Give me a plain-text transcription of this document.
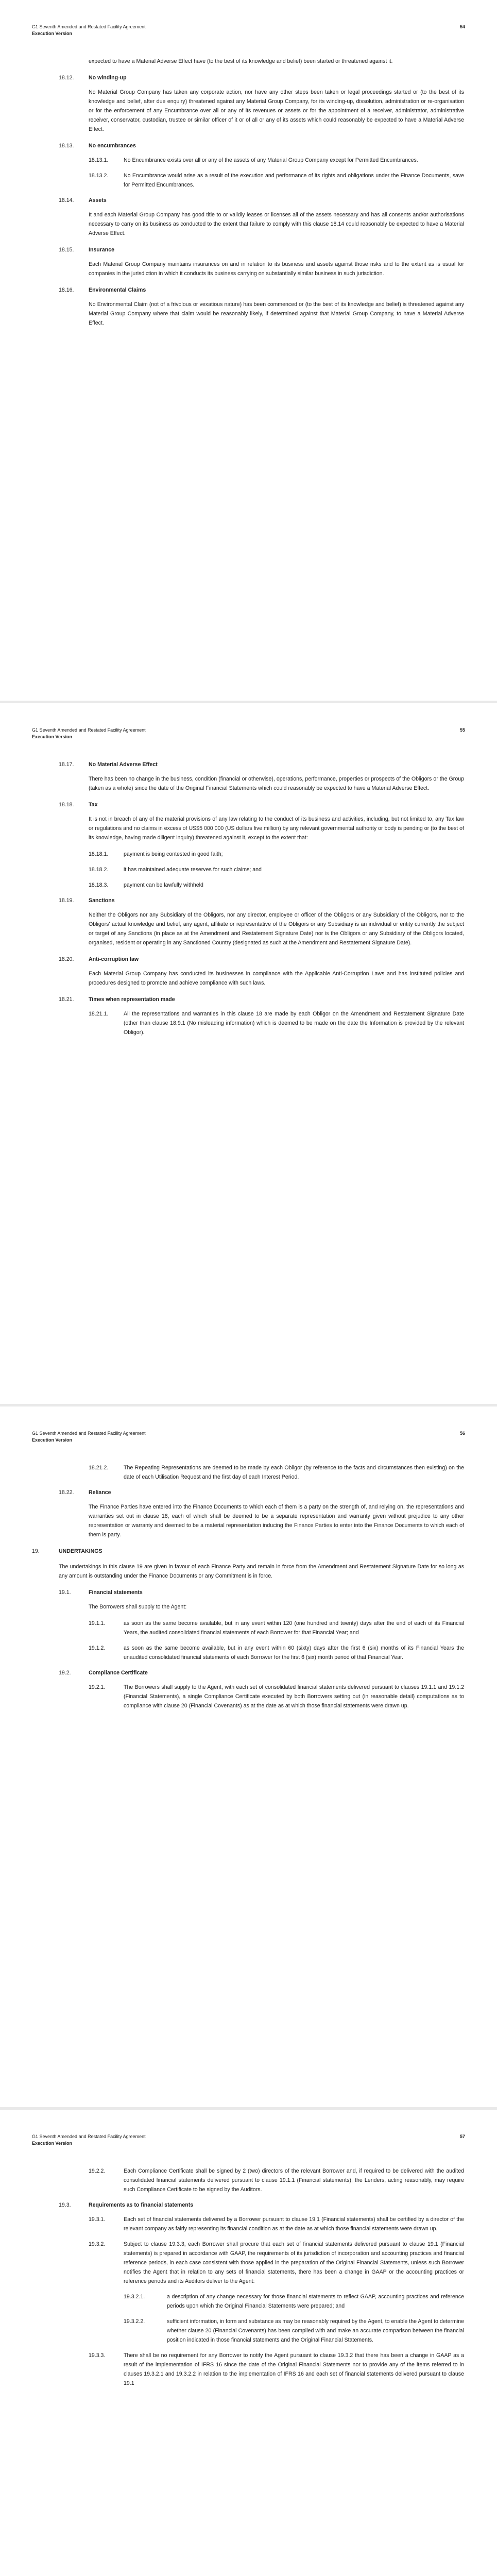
G1 Seventh Amended and Restated Facility Agreement
Execution Version
54

expected to have a Material Adverse Effect have (to the best of its knowledge and belief) been started or threatened against it.

18.12.	No winding-up

No Material Group Company has taken any corporate action, nor have any other steps been taken or legal proceedings started or (to the best of its knowledge and belief, after due enquiry) threatened against any Material Group Company, for its winding-up, dissolution, administration or re-organisation or for the enforcement of any Encumbrance over all or any of its revenues or assets or for the appointment of a receiver, administrator, administrative receiver, conservator, custodian, trustee or similar officer of it or of all or any of its assets which could reasonably be expected to have a Material Adverse Effect.

18.13.	No encumbrances
18.13.1.	No Encumbrance exists over all or any of the assets of any Material Group Company except for Permitted Encumbrances.
18.13.2.	No Encumbrance would arise as a result of the execution and performance of its rights and obligations under the Finance Documents, save for Permitted Encumbrances.
18.14.	Assets

It and each Material Group Company has good title to or validly leases or licenses all of the assets necessary and has all consents and/or authorisations necessary to carry on its business as conducted to the extent that failure to comply with this clause 18.14 could reasonably be expected to have a Material Adverse Effect.

18.15.	Insurance

Each Material Group Company maintains insurances on and in relation to its business and assets against those risks and to the extent as is usual for companies in the jurisdiction in which it conducts its business carrying on substantially similar business in such jurisdiction.

18.16.	Environmental Claims

No Environmental Claim (not of a frivolous or vexatious nature) has been commenced or (to the best of its knowledge and belief) is threatened against any Material Group Company where that claim would be reasonably likely, if determined against that Material Group Company, to have a Material Adverse Effect.

G1 Seventh Amended and Restated Facility Agreement
Execution Version
55
18.17.	No Material Adverse Effect

There has been no change in the business, condition (financial or otherwise), operations, performance, properties or prospects of the Obligors or the Group (taken as a whole) since the date of the Original Financial Statements which could reasonably be expected to have a Material Adverse Effect.

18.18.	Tax

It is not in breach of any of the material provisions of any law relating to the conduct of its business and activities, including, but not limited to, any Tax law or regulations and no claims in excess of US$5 000 000 (US dollars five million) by any relevant governmental authority or body is pending or (to the best of its knowledge, having made diligent inquiry) threatened against it, except to the extent that:

18.18.1.	payment is being contested in good faith;
18.18.2.	it has maintained adequate reserves for such claims; and
18.18.3.	payment can be lawfully withheld
18.19.	Sanctions

Neither the Obligors nor any Subsidiary of the Obligors, nor any director, employee or officer of the Obligors or any Subsidiary of the Obligors, nor to the Obligors' actual knowledge and belief, any agent, affiliate or representative of the Obligors or any Subsidiary is an individual or entity currently the subject or target of any Sanctions (in place as at the Amendment and Restatement Signature Date) nor is the Obligors or any Subsidiary of the Obligors located, organised, resident or operating in any Sanctioned Country (designated as such at the Amendment and Restatement Signature Date).

18.20.	Anti-corruption law

Each Material Group Company has conducted its businesses in compliance with the Applicable Anti-Corruption Laws and has instituted policies and procedures designed to promote and achieve compliance with such laws.

18.21.	Times when representation made
18.21.1.	All the representations and warranties in this clause 18 are made by each Obligor on the Amendment and Restatement Signature Date (other than clause 18.9.1 (No misleading information) which is deemed to be made on the date the Information is provided by the relevant Obligor).
G1 Seventh Amended and Restated Facility Agreement
Execution Version
56
18.21.2.	The Repeating Representations are deemed to be made by each Obligor (by reference to the facts and circumstances then existing) on the date of each Utilisation Request and the first day of each Interest Period.
18.22.	Reliance

The Finance Parties have entered into the Finance Documents to which each of them is a party on the strength of, and relying on, the representations and warranties set out in clause 18, each of which shall be deemed to be a separate representation and warranty given without prejudice to any other representation or warranty and deemed to be a material representation inducing the Finance Parties to enter into the Finance Documents to which each of them is party.

19.	UNDERTAKINGS

The undertakings in this clause 19 are given in favour of each Finance Party and remain in force from the Amendment and Restatement Signature Date for so long as any amount is outstanding under the Finance Documents or any Commitment is in force.

19.1.	Financial statements

The Borrowers shall supply to the Agent:

19.1.1.	as soon as the same become available, but in any event within 120 (one hundred and twenty) days after the end of each of its Financial Years, the audited consolidated financial statements of each Borrower for that Financial Year; and
19.1.2.	as soon as the same become available, but in any event within 60 (sixty) days after the first 6 (six) months of its Financial Years the unaudited consolidated financial statements of each Borrower for the first 6 (six) month period of that Financial Year.
19.2.	Compliance Certificate
19.2.1.	The Borrowers shall supply to the Agent, with each set of consolidated financial statements delivered pursuant to clauses 19.1.1 and 19.1.2 (Financial Statements), a single Compliance Certificate executed by both Borrowers setting out (in reasonable detail) computations as to compliance with clause 20 (Financial Covenants) as at the date as at which those financial statements were drawn up.
G1 Seventh Amended and Restated Facility Agreement
Execution Version
57
19.2.2.	Each Compliance Certificate shall be signed by 2 (two) directors of the relevant Borrower and, if required to be delivered with the audited consolidated financial statements delivered pursuant to clause 19.1.1 (Financial statements), the Lenders, acting reasonably, may require such Compliance Certificate to be signed by the Auditors.
19.3.	Requirements as to financial statements
19.3.1.	Each set of financial statements delivered by a Borrower pursuant to clause 19.1 (Financial statements) shall be certified by a director of the relevant company as fairly representing its financial condition as at the date as at which those financial statements were drawn up.
19.3.2.	Subject to clause 19.3.3, each Borrower shall procure that each set of financial statements delivered pursuant to clause 19.1 (Financial statements) is prepared in accordance with GAAP, the requirements of its jurisdiction of incorporation and accounting practices and financial reference periods, in each case consistent with those applied in the preparation of the Original Financial Statements, unless such Borrower notifies the Agent that in relation to any sets of financial statements, there has been a change in GAAP or the accounting practices or reference periods and its Auditors deliver to the Agent:
19.3.2.1.	a description of any change necessary for those financial statements to reflect GAAP, accounting practices and reference periods upon which the Original Financial Statements were prepared; and
19.3.2.2.	sufficient information, in form and substance as may be reasonably required by the Agent, to enable the Agent to determine whether clause 20 (Financial Covenants) has been complied with and make an accurate comparison between the financial position indicated in those financial statements and the Original Financial Statements.
19.3.3.	There shall be no requirement for any Borrower to notify the Agent pursuant to clause 19.3.2 that there has been a change in GAAP as a result of the implementation of IFRS 16 since the date of the Original Financial Statements nor to provide any of the items referred to in clauses 19.3.2.1 and 19.3.2.2 in relation to the implementation of IFRS 16 and each set of financial statements delivered pursuant to clause 19.1
